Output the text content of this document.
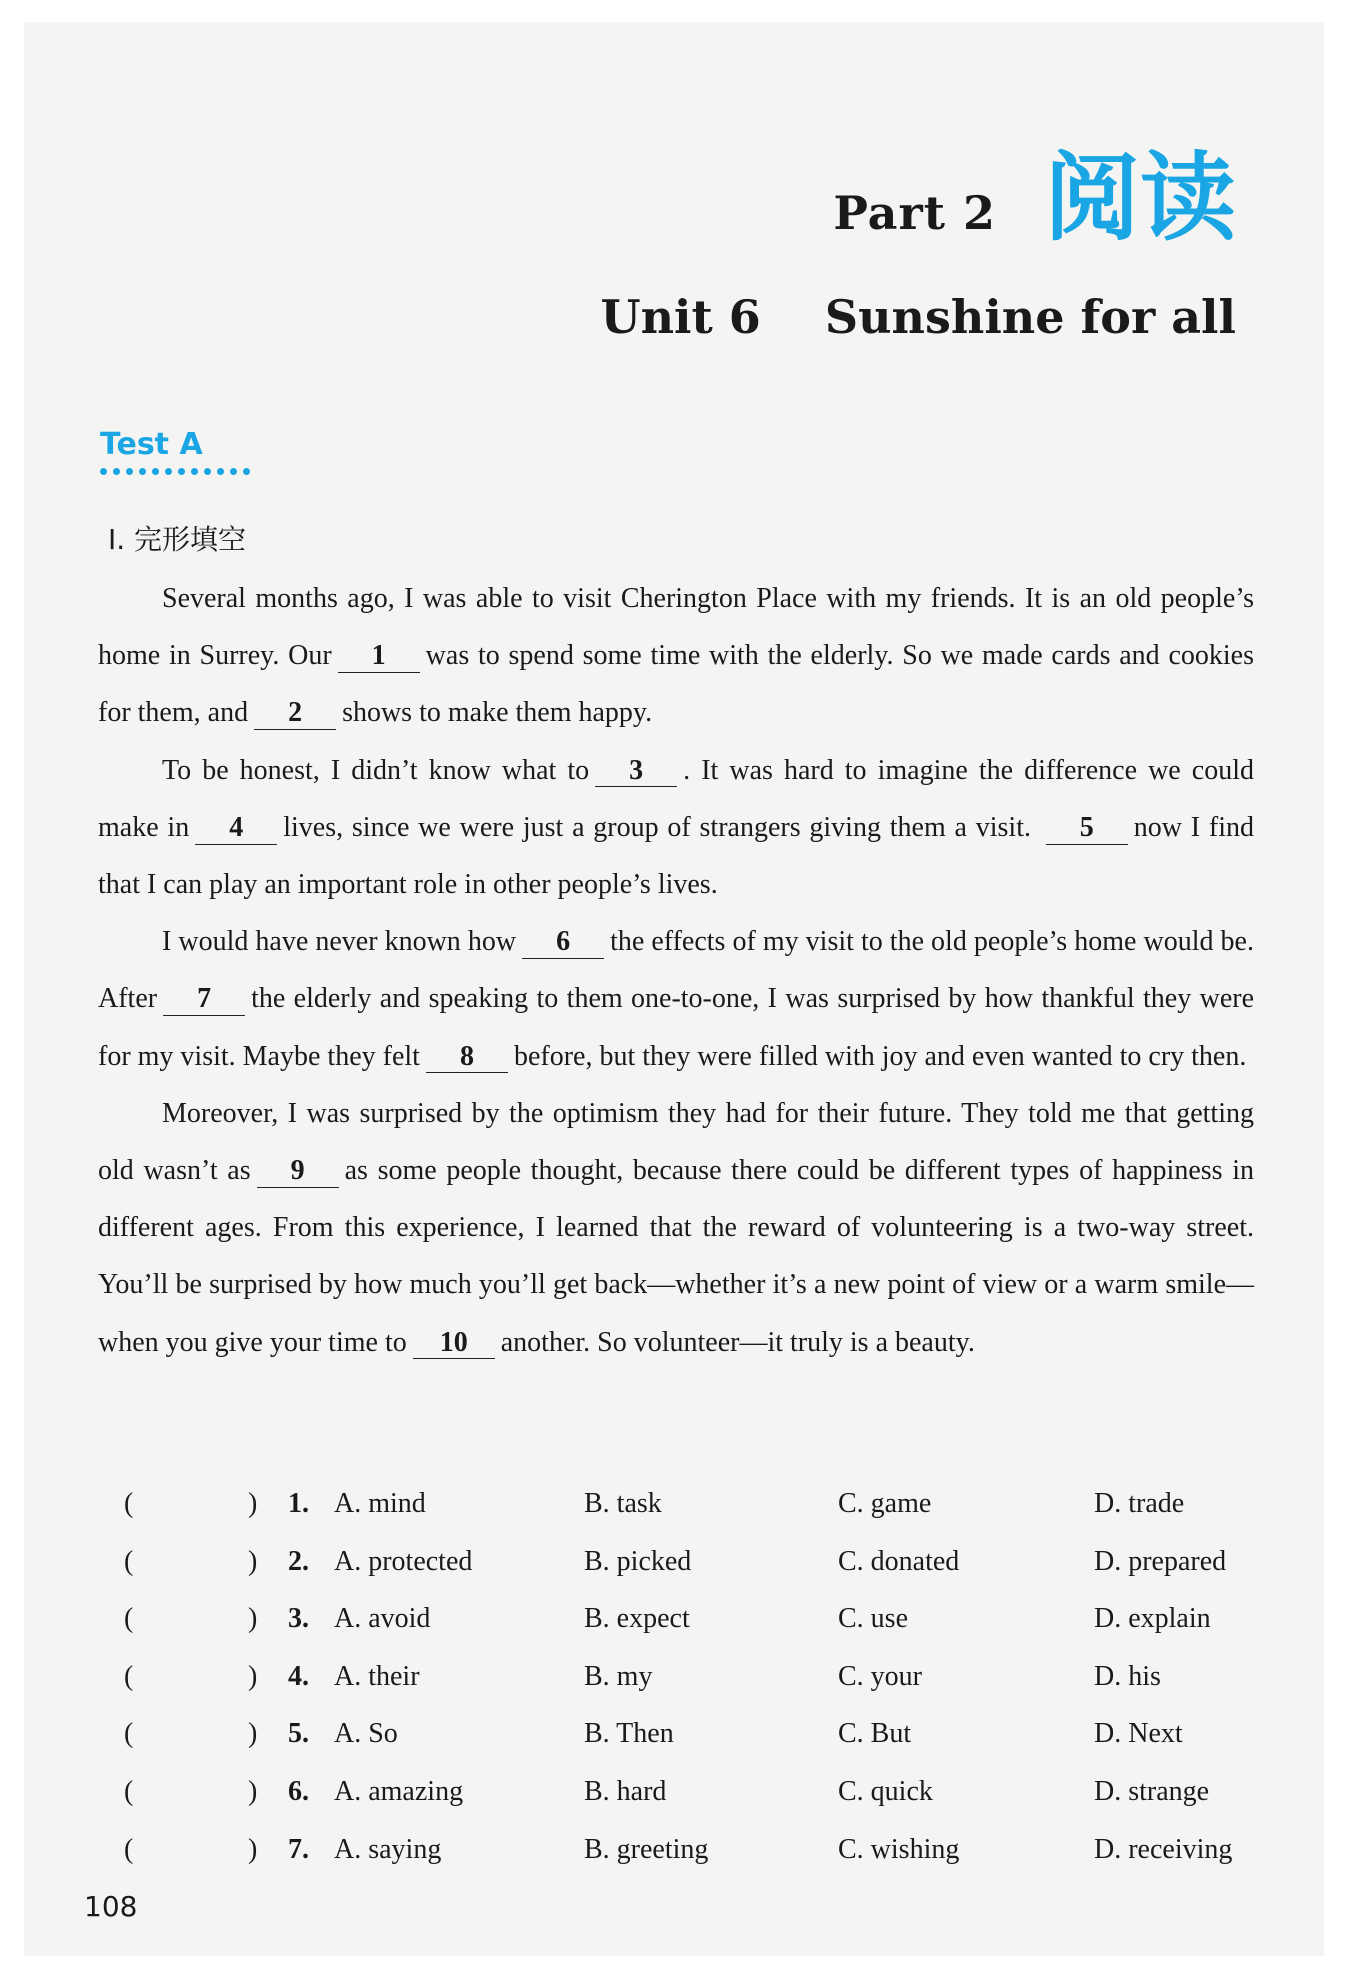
Part 2 阅读
Unit 6    Sunshine for all
Test A
Ⅰ. 完形填空

Several months ago, I was able to visit Cherington Place with my friends. It is an old people’s home in Surrey. Our 1 was to spend some time with the elderly. So we made cards and cookies for them, and 2 shows to make them happy.

To be honest, I didn’t know what to 3 . It was hard to imagine the difference we could make in 4 lives, since we were just a group of strangers giving them a visit. 5 now I find that I can play an important role in other people’s lives.

I would have never known how 6 the effects of my visit to the old people’s home would be. After 7 the elderly and speaking to them one-to-one, I was surprised by how thankful they were for my visit. Maybe they felt 8 before, but they were filled with joy and even wanted to cry then.

Moreover, I was surprised by the optimism they had for their future. They told me that getting old wasn’t as 9 as some people thought, because there could be different types of happiness in different ages. From this experience, I learned that the reward of volunteering is a two-way street. You’ll be surprised by how much you’ll get back—whether it’s a new point of view or a warm smile—when you give your time to 10 another. So volunteer—it truly is a beauty.

(	) 1. A. mind	B. task	C. game	D. trade
(	) 2. A. protected	B. picked	C. donated	D. prepared
(	) 3. A. avoid	B. expect	C. use	D. explain
(	) 4. A. their	B. my	C. your	D. his
(	) 5. A. So	B. Then	C. But	D. Next
(	) 6. A. amazing	B. hard	C. quick	D. strange
(	) 7. A. saying	B. greeting	C. wishing	D. receiving
108
